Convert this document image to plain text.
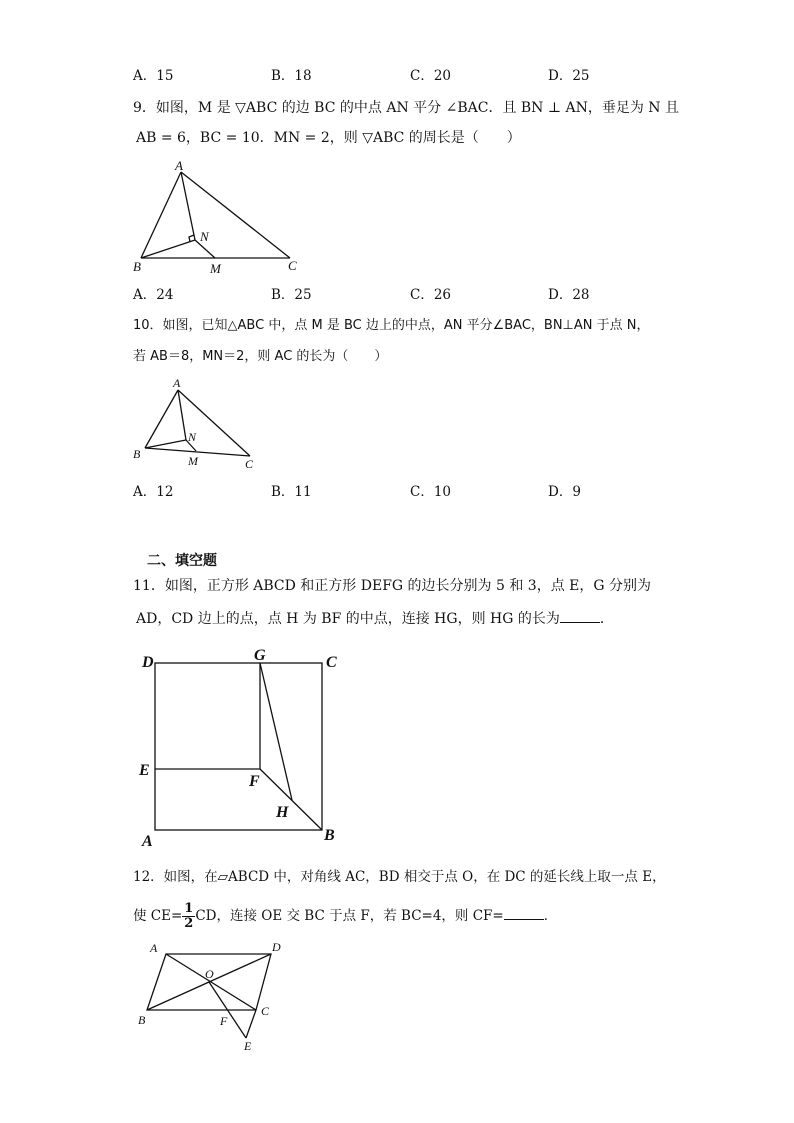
A．15	B．18	C．20	D．25
9．如图，M 是 ▽ABC 的边 BC 的中点 AN 平分 ∠BAC．且 BN ⊥ AN，垂足为 N 且
AB = 6，BC = 10．MN = 2，则 ▽ABC 的周长是（　　）
A
B	C
N
M
A．24	B．25	C．26	D．28
10．如图，已知△ABC 中，点 M 是 BC 边上的中点，AN 平分∠BAC，BN⊥AN 于点 N，
若 AB＝8，MN＝2，则 AC 的长为（　　）
A
B
C
N
M
A．12	B．11	C．10	D．9
二、填空题
11．如图，正方形 ABCD 和正方形 DEFG 的边长分别为 5 和 3，点 E，G 分别为
AD，CD 边上的点，点 H 为 BF 的中点，连接 HG，则 HG 的长为	．
D	G	C
E
F
H
A	B
12．如图，在▱ABCD 中，对角线 AC，BD 相交于点 O，在 DC 的延长线上取一点 E，
使 $CE= \frac{1}{2}$ CD，连接 OE 交 BC 于点 F，若 BC=4，则 CF=	．
A	D
O
B	F
C
E
